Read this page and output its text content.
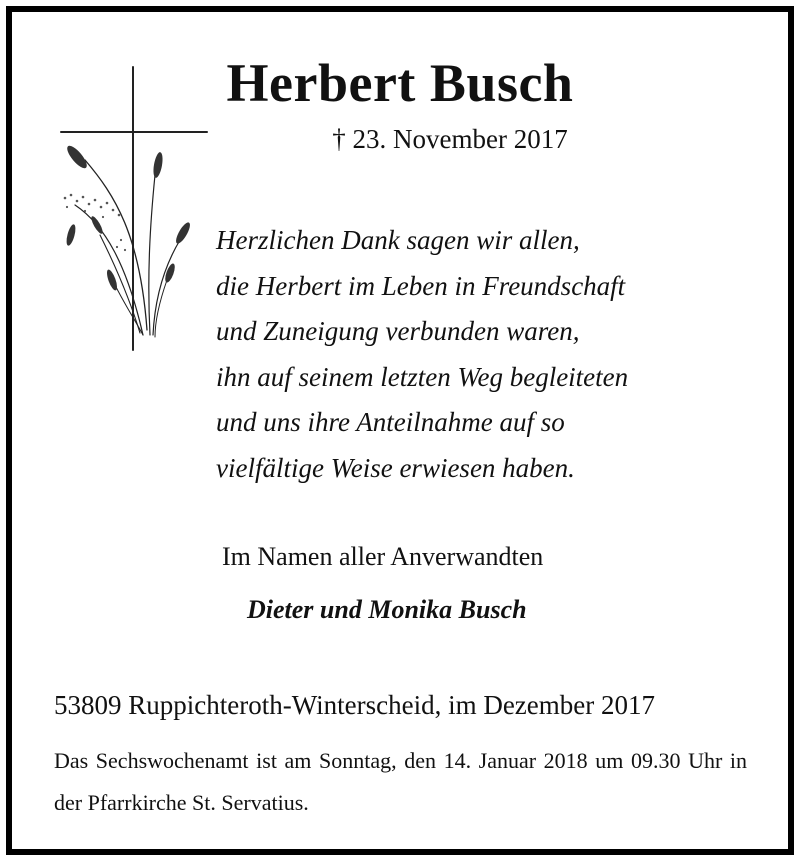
Herbert Busch
† 23. November 2017
Herzlichen Dank sagen wir allen,
die Herbert im Leben in Freundschaft
und Zuneigung verbunden waren,
ihn auf seinem letzten Weg begleiteten
und uns ihre Anteilnahme auf so
vielfältige Weise erwiesen haben.
Im Namen aller Anverwandten
Dieter und Monika Busch
53809 Ruppichteroth-Winterscheid, im Dezember 2017
Das Sechswochenamt ist am Sonntag, den 14. Januar 2018 um 09.30 Uhr in der Pfarrkirche St. Servatius.
